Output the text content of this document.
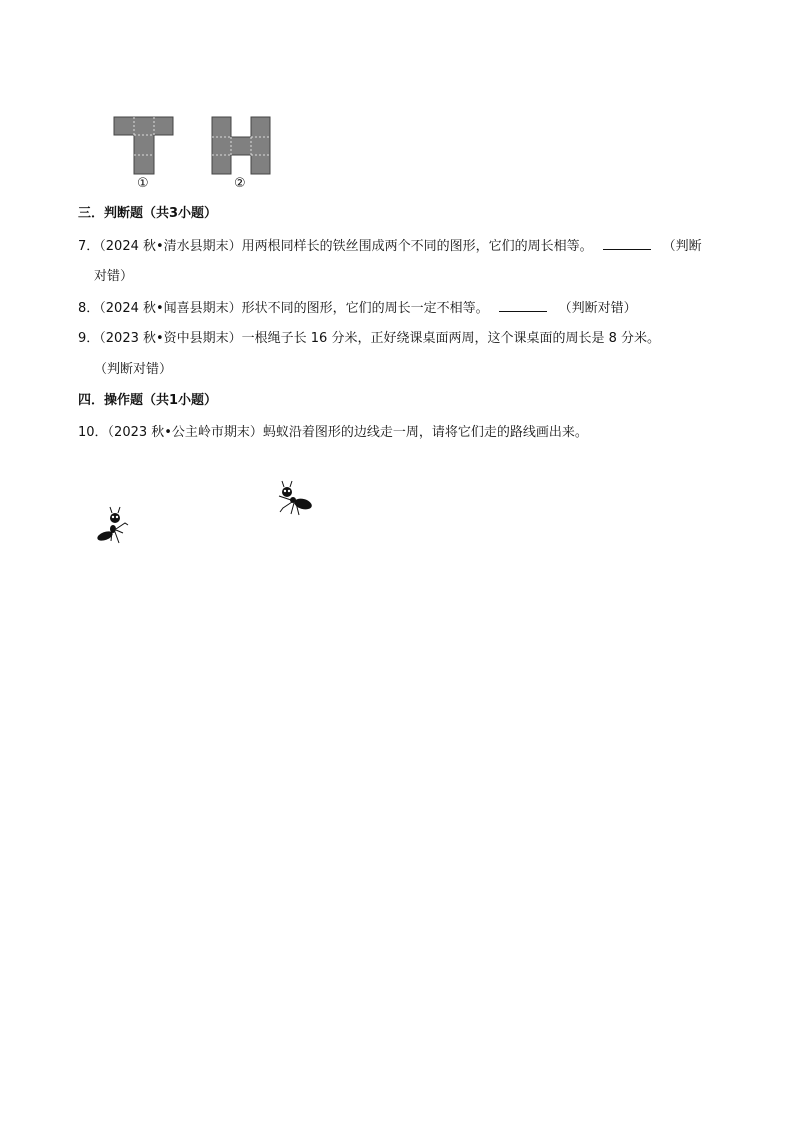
①	②
三．判断题（共3小题）
7．（2024 秋•清水县期末）用两根同样长的铁丝围成两个不同的图形，它们的周长相等。	（判断
对错）
8．（2024 秋•闻喜县期末）形状不同的图形，它们的周长一定不相等。	（判断对错）
9．（2023 秋•资中县期末）一根绳子长 16 分米，正好绕课桌面两周，这个课桌面的周长是 8 分米。
（判断对错）
四．操作题（共1小题）
10．（2023 秋•公主岭市期末）蚂蚁沿着图形的边线走一周，请将它们走的路线画出来。
